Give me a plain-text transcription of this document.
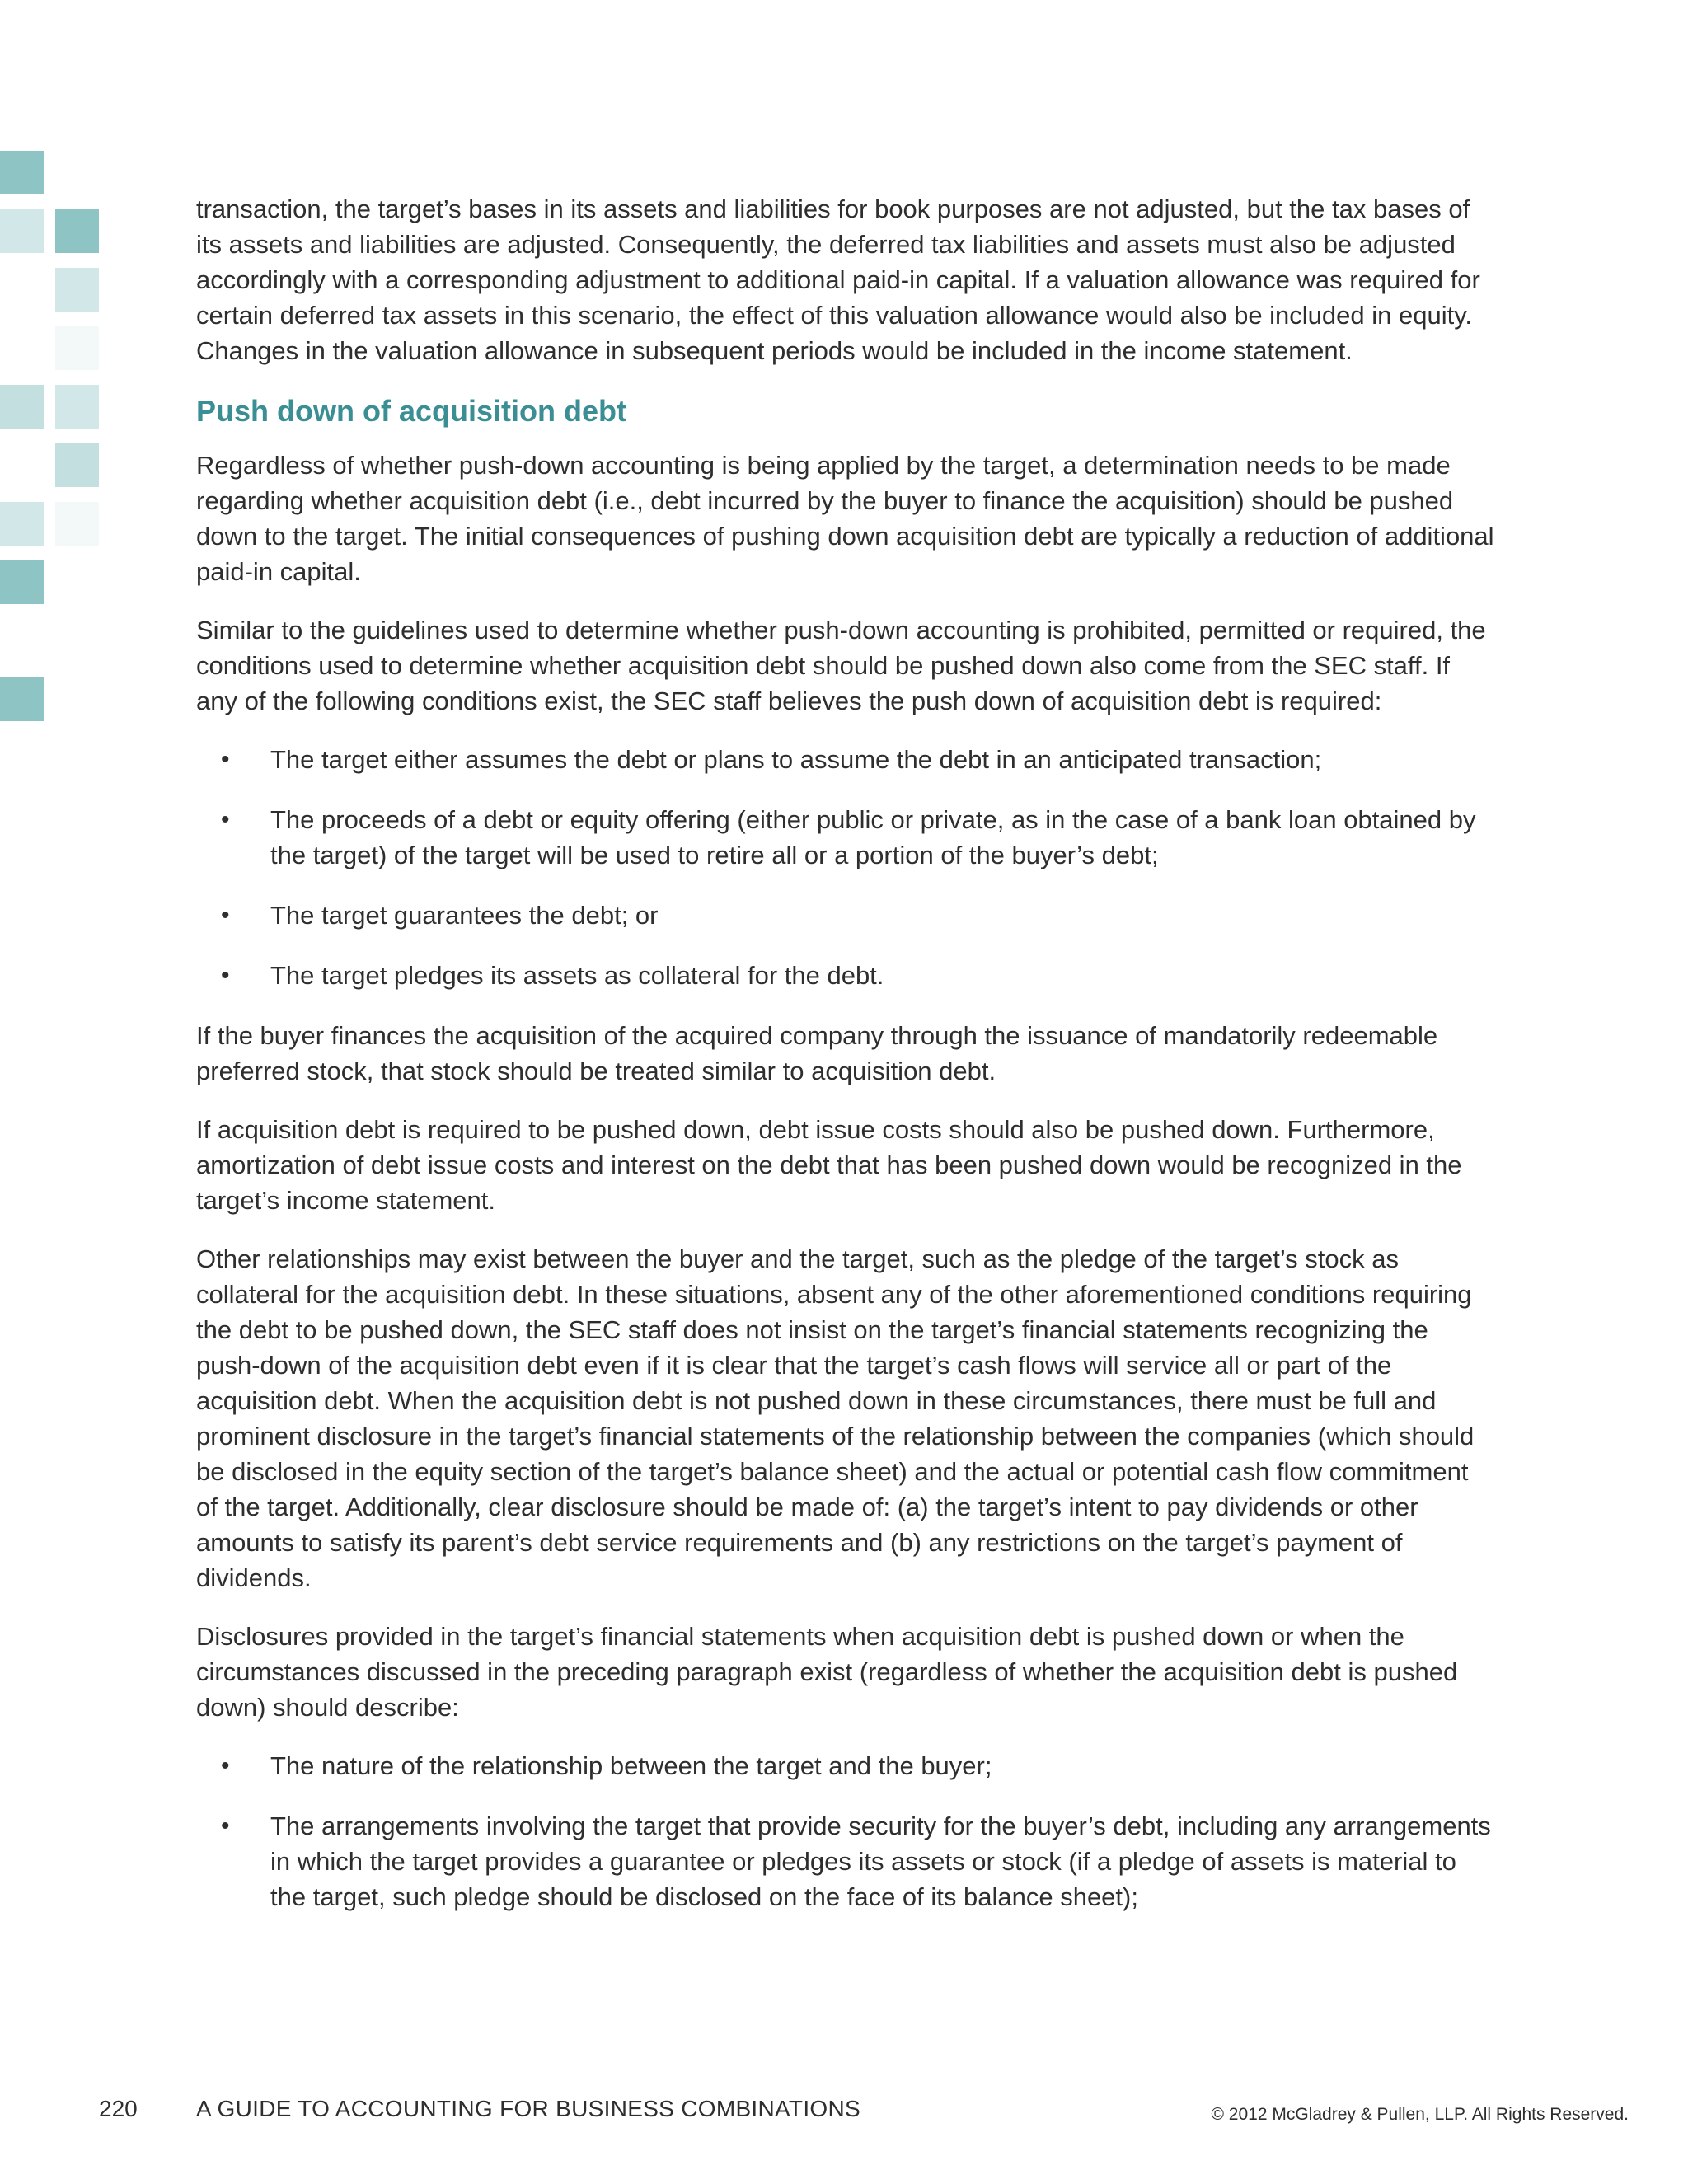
transaction, the target’s bases in its assets and liabilities for book purposes are not adjusted, but the tax bases of its assets and liabilities are adjusted. Consequently, the deferred tax liabilities and assets must also be adjusted accordingly with a corresponding adjustment to additional paid-in capital. If a valuation allowance was required for certain deferred tax assets in this scenario, the effect of this valuation allowance would also be included in equity. Changes in the valuation allowance in subsequent periods would be included in the income statement.

Push down of acquisition debt

Regardless of whether push-down accounting is being applied by the target, a determination needs to be made regarding whether acquisition debt (i.e., debt incurred by the buyer to finance the acquisition) should be pushed down to the target. The initial consequences of pushing down acquisition debt are typically a reduction of additional paid-in capital.

Similar to the guidelines used to determine whether push-down accounting is prohibited, permitted or required, the conditions used to determine whether acquisition debt should be pushed down also come from the SEC staff. If any of the following conditions exist, the SEC staff believes the push down of acquisition debt is required:

• The target either assumes the debt or plans to assume the debt in an anticipated transaction;
• The proceeds of a debt or equity offering (either public or private, as in the case of a bank loan obtained by the target) of the target will be used to retire all or a portion of the buyer’s debt;
• The target guarantees the debt; or
• The target pledges its assets as collateral for the debt.

If the buyer finances the acquisition of the acquired company through the issuance of mandatorily redeemable preferred stock, that stock should be treated similar to acquisition debt.

If acquisition debt is required to be pushed down, debt issue costs should also be pushed down. Furthermore, amortization of debt issue costs and interest on the debt that has been pushed down would be recognized in the target’s income statement.

Other relationships may exist between the buyer and the target, such as the pledge of the target’s stock as collateral for the acquisition debt. In these situations, absent any of the other aforementioned conditions requiring the debt to be pushed down, the SEC staff does not insist on the target’s financial statements recognizing the push-down of the acquisition debt even if it is clear that the target’s cash flows will service all or part of the acquisition debt. When the acquisition debt is not pushed down in these circumstances, there must be full and prominent disclosure in the target’s financial statements of the relationship between the companies (which should be disclosed in the equity section of the target’s balance sheet) and the actual or potential cash flow commitment of the target. Additionally, clear disclosure should be made of: (a) the target’s intent to pay dividends or other amounts to satisfy its parent’s debt service requirements and (b) any restrictions on the target’s payment of dividends.

Disclosures provided in the target’s financial statements when acquisition debt is pushed down or when the circumstances discussed in the preceding paragraph exist (regardless of whether the acquisition debt is pushed down) should describe:

• The nature of the relationship between the target and the buyer;
• The arrangements involving the target that provide security for the buyer’s debt, including any arrangements in which the target provides a guarantee or pledges its assets or stock (if a pledge of assets is material to the target, such pledge should be disclosed on the face of its balance sheet);
220	A GUIDE TO ACCOUNTING FOR BUSINESS COMBINATIONS	© 2012 McGladrey & Pullen, LLP. All Rights Reserved.
